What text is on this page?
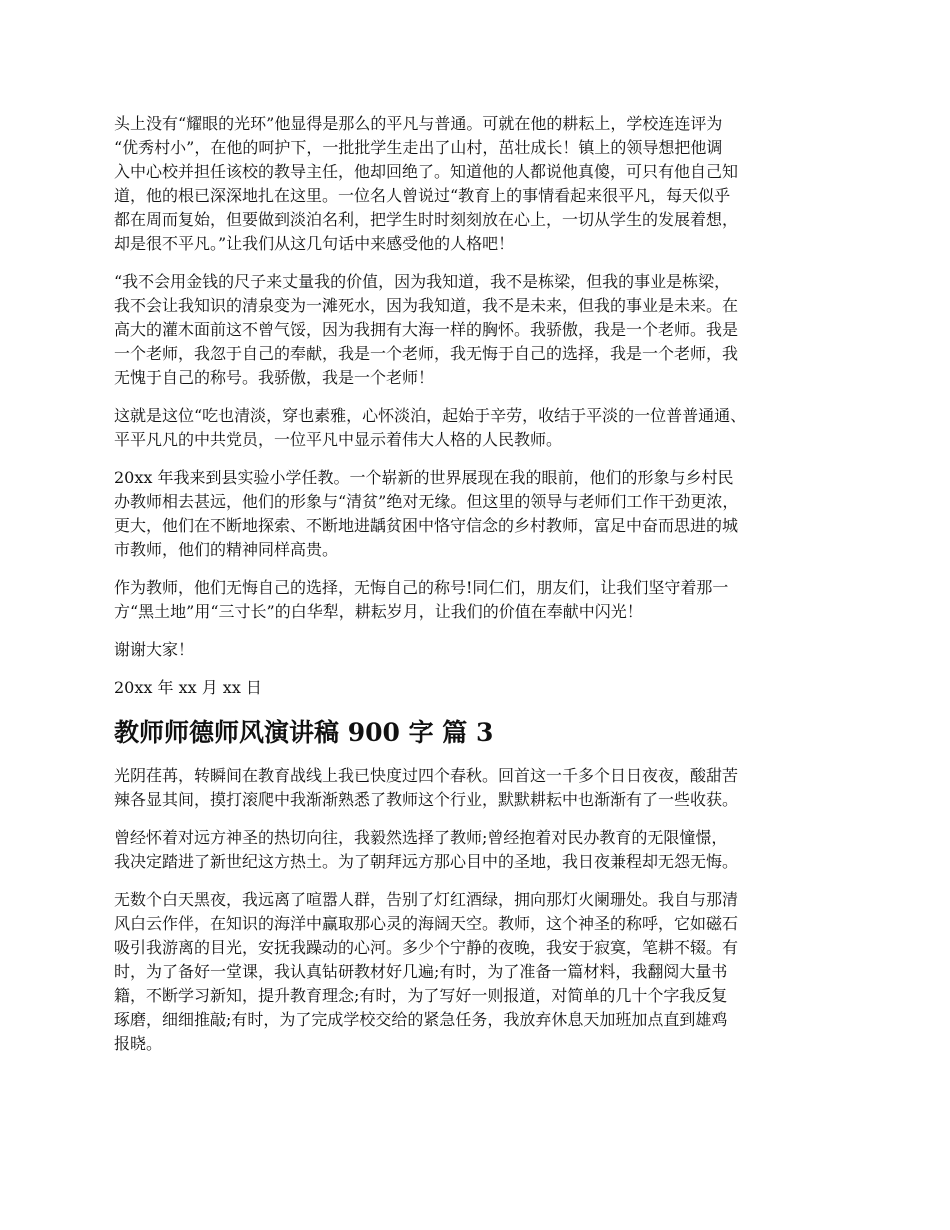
头上没有“耀眼的光环”他显得是那么的平凡与普通。可就在他的耕耘上，学校连连评为
“优秀村小”，在他的呵护下，一批批学生走出了山村，茁壮成长！镇上的领导想把他调
入中心校并担任该校的教导主任，他却回绝了。知道他的人都说他真傻，可只有他自己知
道，他的根已深深地扎在这里。一位名人曾说过“教育上的事情看起来很平凡，每天似乎
都在周而复始，但要做到淡泊名利，把学生时时刻刻放在心上，一切从学生的发展着想，
却是很不平凡。”让我们从这几句话中来感受他的人格吧！

“我不会用金钱的尺子来丈量我的价值，因为我知道，我不是栋梁，但我的事业是栋梁，
我不会让我知识的清泉变为一滩死水，因为我知道，我不是未来，但我的事业是未来。在
高大的灌木面前这不曾气馁，因为我拥有大海一样的胸怀。我骄傲，我是一个老师。我是
一个老师，我忽于自己的奉献，我是一个老师，我无悔于自己的选择，我是一个老师，我
无愧于自己的称号。我骄傲，我是一个老师！

这就是这位“吃也清淡，穿也素雅，心怀淡泊，起始于辛劳，收结于平淡的一位普普通通、
平平凡凡的中共党员，一位平凡中显示着伟大人格的人民教师。

20xx 年我来到县实验小学任教。一个崭新的世界展现在我的眼前，他们的形象与乡村民
办教师相去甚远，他们的形象与“清贫”绝对无缘。但这里的领导与老师们工作干劲更浓，
更大，他们在不断地探索、不断地进龋贫困中恪守信念的乡村教师，富足中奋而思进的城
市教师，他们的精神同样高贵。

作为教师，他们无悔自己的选择，无悔自己的称号!同仁们，朋友们，让我们坚守着那一
方“黑土地”用“三寸长”的白华犁，耕耘岁月，让我们的价值在奉献中闪光！

谢谢大家！

20xx 年 xx 月 xx 日

教师师德师风演讲稿 900 字 篇 3

光阴荏苒，转瞬间在教育战线上我已快度过四个春秋。回首这一千多个日日夜夜，酸甜苦
辣各显其间，摸打滚爬中我渐渐熟悉了教师这个行业，默默耕耘中也渐渐有了一些收获。

曾经怀着对远方神圣的热切向往，我毅然选择了教师;曾经抱着对民办教育的无限憧憬，
我决定踏进了新世纪这方热土。为了朝拜远方那心目中的圣地，我日夜兼程却无怨无悔。

无数个白天黑夜，我远离了喧嚣人群，告别了灯红酒绿，拥向那灯火阑珊处。我自与那清
风白云作伴，在知识的海洋中赢取那心灵的海阔天空。教师，这个神圣的称呼，它如磁石
吸引我游离的目光，安抚我躁动的心河。多少个宁静的夜晚，我安于寂寞，笔耕不辍。有
时，为了备好一堂课，我认真钻研教材好几遍;有时，为了准备一篇材料，我翻阅大量书
籍，不断学习新知，提升教育理念;有时，为了写好一则报道，对简单的几十个字我反复
琢磨，细细推敲;有时，为了完成学校交给的紧急任务，我放弃休息天加班加点直到雄鸡
报晓。
